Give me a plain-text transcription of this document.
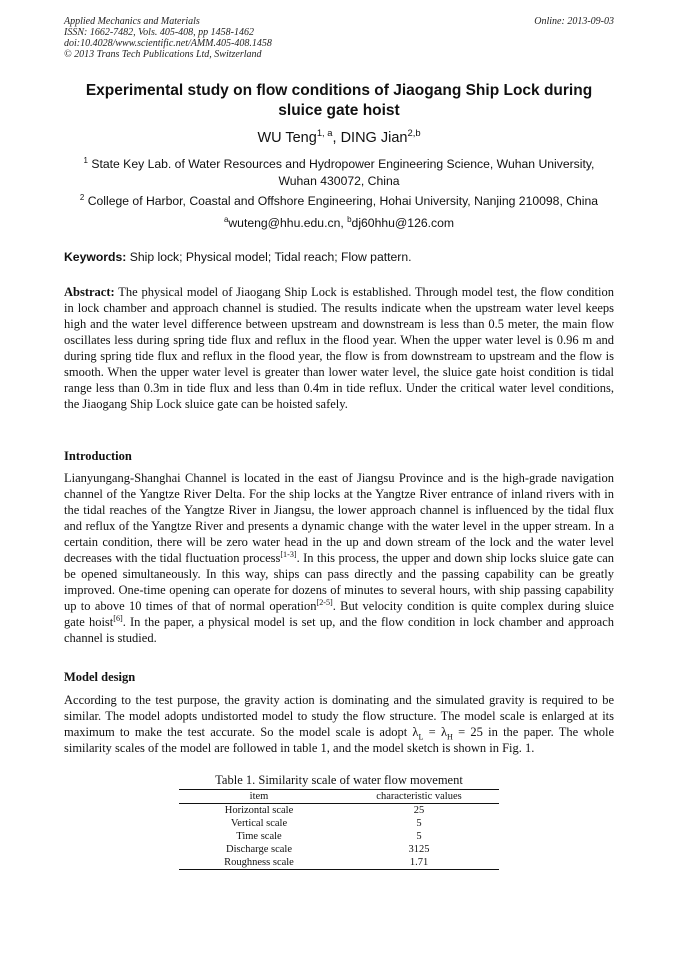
Applied Mechanics and Materials
ISSN: 1662-7482, Vols. 405-408, pp 1458-1462
doi:10.4028/www.scientific.net/AMM.405-408.1458
© 2013 Trans Tech Publications Ltd, Switzerland
Online: 2013-09-03
Experimental study on flow conditions of Jiaogang Ship Lock during sluice gate hoist
WU Teng$^{1, a}$, DING Jian$^{2,b}$
$^1$ State Key Lab. of Water Resources and Hydropower Engineering Science, Wuhan University,
Wuhan 430072, China
$^2$ College of Harbor, Coastal and Offshore Engineering, Hohai University, Nanjing 210098, China
$^a$wuteng@hhu.edu.cn, $^b$dj60hhu@126.com
Keywords: Ship lock; Physical model; Tidal reach; Flow pattern.
Abstract: The physical model of Jiaogang Ship Lock is established. Through model test, the flow condition in lock chamber and approach channel is studied. The results indicate when the upstream water level keeps high and the water level difference between upstream and downstream is less than 0.5 meter, the main flow oscillates less during spring tide flux and reflux in the flood year. When the upper water level is 0.96 m and during spring tide flux and reflux in the flood year, the flow is from downstream to upstream and the flow is smooth. When the upper water level is greater than lower water level, the sluice gate hoist condition is tidal range less than 0.3m in tide flux and less than 0.4m in tide reflux. Under the critical water level conditions, the Jiaogang Ship Lock sluice gate can be hoisted safely.
Introduction
Lianyungang-Shanghai Channel is located in the east of Jiangsu Province and is the high-grade navigation channel of the Yangtze River Delta. For the ship locks at the Yangtze River entrance of inland rivers with in the tidal reaches of the Yangtze River in Jiangsu, the lower approach channel is influenced by the tidal flux and reflux of the Yangtze River and presents a dynamic change with the water level in the upper stream. In a certain condition, there will be zero water head in the up and down stream of the lock and the water level decreases with the tidal fluctuation process[1-3]. In this process, the upper and down ship locks sluice gate can be opened simultaneously. In this way, ships can pass directly and the passing capability can be greatly improved. One-time opening can operate for dozens of minutes to several hours, with ship passing capability up to above 10 times of that of normal operation[2-5]. But velocity condition is quite complex during sluice gate hoist[6]. In the paper, a physical model is set up, and the flow condition in lock chamber and approach channel is studied.
Model design
According to the test purpose, the gravity action is dominating and the simulated gravity is required to be similar. The model adopts undistorted model to study the flow structure. The model scale is enlarged at its maximum to make the test accurate. So the model scale is adopt $\lambda_L = \lambda_H = 25$ in the paper. The whole similarity scales of the model are followed in table 1, and the model sketch is shown in Fig. 1.
Table 1. Similarity scale of water flow movement
item	characteristic values
Horizontal scale	25
Vertical scale	5
Time scale	5
Discharge scale	3125
Roughness scale	1.71
